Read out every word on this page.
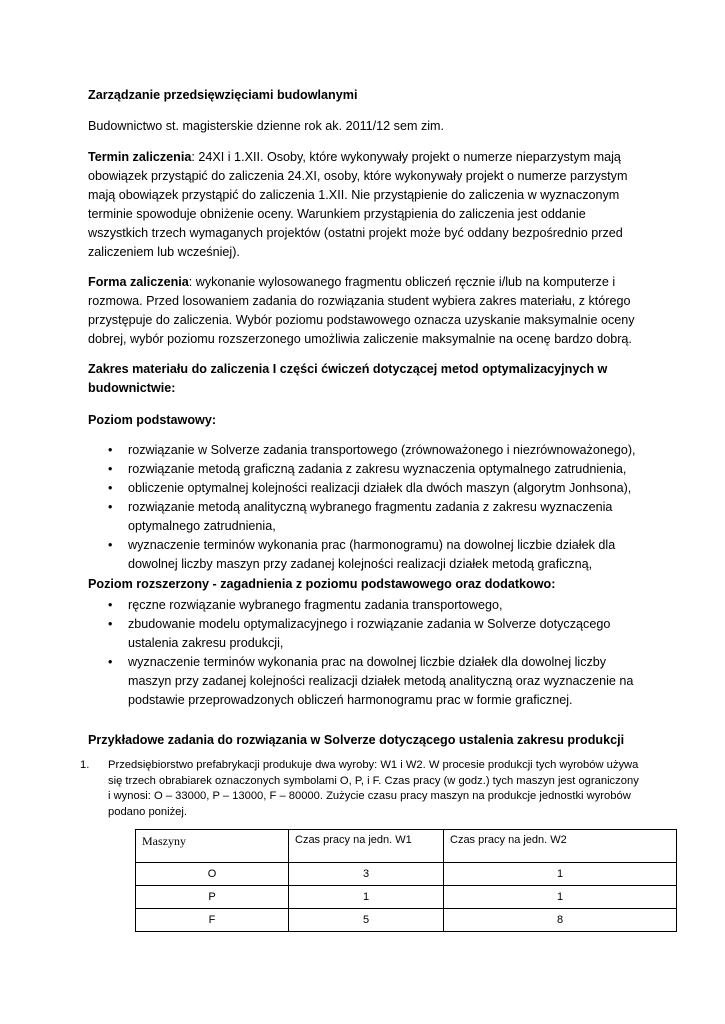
Zarządzanie przedsięwzięciami budowlanymi
Budownictwo st. magisterskie dzienne rok ak. 2011/12 sem zim.

Termin zaliczenia: 24XI i 1.XII. Osoby, które wykonywały projekt o numerze nieparzystym mają obowiązek przystąpić do zaliczenia 24.XI, osoby, które wykonywały projekt o numerze parzystym mają obowiązek przystąpić do zaliczenia 1.XII. Nie przystąpienie do zaliczenia w wyznaczonym terminie spowoduje obniżenie oceny. Warunkiem przystąpienia do zaliczenia jest oddanie wszystkich trzech wymaganych projektów (ostatni projekt może być oddany bezpośrednio przed zaliczeniem lub wcześniej).

Forma zaliczenia: wykonanie wylosowanego fragmentu obliczeń ręcznie i/lub na komputerze i rozmowa. Przed losowaniem zadania do rozwiązania student wybiera zakres materiału, z którego przystępuje do zaliczenia. Wybór poziomu podstawowego oznacza uzyskanie maksymalnie oceny dobrej, wybór poziomu rozszerzonego umożliwia zaliczenie maksymalnie na ocenę bardzo dobrą.

Zakres materiału do zaliczenia I części ćwiczeń dotyczącej metod optymalizacyjnych w budownictwie:
Poziom podstawowy:
• rozwiązanie w Solverze zadania transportowego (zrównoważonego i niezrównoważonego),
• rozwiązanie metodą graficzną zadania z zakresu wyznaczenia optymalnego zatrudnienia,
• obliczenie optymalnej kolejności realizacji działek dla dwóch maszyn (algorytm Jonhsona),
• rozwiązanie metodą analityczną wybranego fragmentu zadania z zakresu wyznaczenia optymalnego zatrudnienia,
• wyznaczenie terminów wykonania prac (harmonogramu) na dowolnej liczbie działek dla dowolnej liczby maszyn przy zadanej kolejności realizacji działek metodą graficzną,
Poziom rozszerzony - zagadnienia z poziomu podstawowego oraz dodatkowo:
• ręczne rozwiązanie wybranego fragmentu zadania transportowego,
• zbudowanie modelu optymalizacyjnego i rozwiązanie zadania w Solverze dotyczącego ustalenia zakresu produkcji,
• wyznaczenie terminów wykonania prac na dowolnej liczbie działek dla dowolnej liczby maszyn przy zadanej kolejności realizacji działek metodą analityczną oraz wyznaczenie na podstawie przeprowadzonych obliczeń harmonogramu prac w formie graficznej.
Przykładowe zadania do rozwiązania w Solverze dotyczącego ustalenia zakresu produkcji
1. Przedsiębiorstwo prefabrykacji produkuje dwa wyroby: W1 i W2. W procesie produkcji tych wyrobów używa się trzech obrabiarek oznaczonych symbolami O, P, i F. Czas pracy (w godz.) tych maszyn jest ograniczony i wynosi: O – 33000, P – 13000, F – 80000. Zużycie czasu pracy maszyn na produkcje jednostki wyrobów podano poniżej.
Maszyny	Czas pracy na jedn. W1	Czas pracy na jedn. W2
O	3	1
P	1	1
F	5	8
